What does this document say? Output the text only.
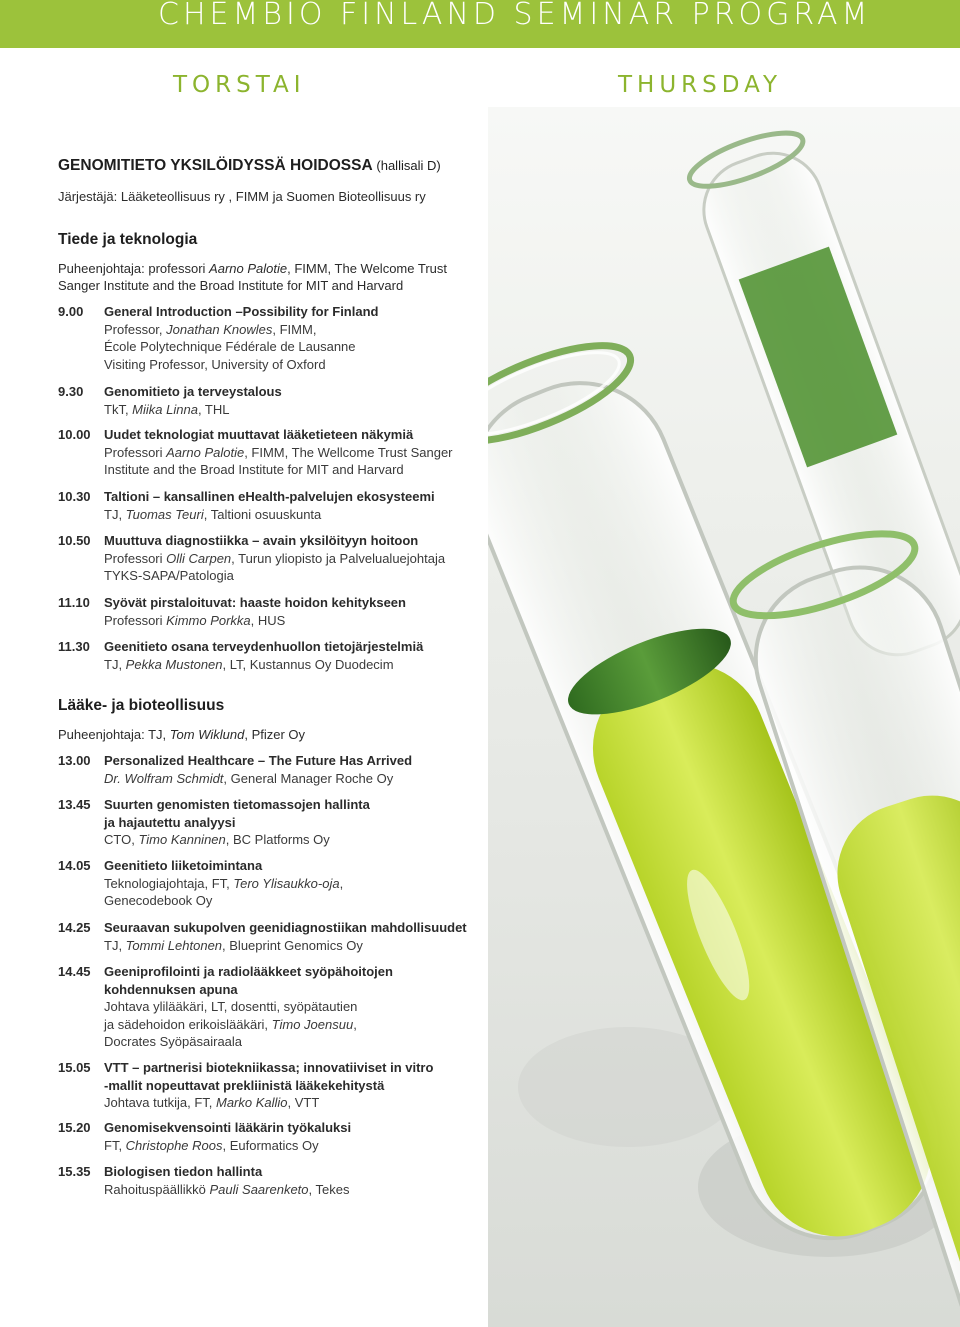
CHEMBIO FINLAND SEMINAR PROGRAM
TORSTAI	THURSDAY
GENOMITIETO YKSILÖIDYSSÄ HOIDOSSA (hallisali D)
Järjestäjä: Lääketeollisuus ry , FIMM ja Suomen Bioteollisuus ry
Tiede ja teknologia
Puheenjohtaja: professori Aarno Palotie, FIMM, The Welcome Trust
Sanger Institute and the Broad Institute for MIT and Harvard
9.00 General Introduction –Possibility for Finland
Professor, Jonathan Knowles, FIMM,
École Polytechnique Fédérale de Lausanne
Visiting Professor, University of Oxford
9.30 Genomitieto ja terveystalous
TkT, Miika Linna, THL
10.00 Uudet teknologiat muuttavat lääketieteen näkymiä
Professori Aarno Palotie, FIMM, The Wellcome Trust Sanger
Institute and the Broad Institute for MIT and Harvard
10.30 Taltioni – kansallinen eHealth-palvelujen ekosysteemi
TJ, Tuomas Teuri, Taltioni osuuskunta
10.50 Muuttuva diagnostiikka – avain yksilöityyn hoitoon
Professori Olli Carpen, Turun yliopisto ja Palvelualuejohtaja
TYKS-SAPA/Patologia
11.10 Syövät pirstaloituvat: haaste hoidon kehitykseen
Professori Kimmo Porkka, HUS
11.30 Geenitieto osana terveydenhuollon tietojärjestelmiä
TJ, Pekka Mustonen, LT, Kustannus Oy Duodecim
Lääke- ja bioteollisuus
Puheenjohtaja: TJ, Tom Wiklund, Pfizer Oy
13.00 Personalized Healthcare – The Future Has Arrived
Dr. Wolfram Schmidt, General Manager Roche Oy
13.45 Suurten genomisten tietomassojen hallinta
ja hajautettu analyysi
CTO, Timo Kanninen, BC Platforms Oy
14.05 Geenitieto liiketoimintana
Teknologiajohtaja, FT, Tero Ylisaukko-oja,
Genecodebook Oy
14.25 Seuraavan sukupolven geenidiagnostiikan mahdollisuudet
TJ, Tommi Lehtonen, Blueprint Genomics Oy
14.45 Geeniprofilointi ja radiolääkkeet syöpähoitojen
kohdennuksen apuna
Johtava ylilääkäri, LT, dosentti, syöpätautien
ja sädehoidon erikoislääkäri, Timo Joensuu,
Docrates Syöpäsairaala
15.05 VTT – partnerisi biotekniikassa; innovatiiviset in vitro
-mallit nopeuttavat prekliinistä lääkekehitystä
Johtava tutkija, FT, Marko Kallio, VTT
15.20 Genomisekvensointi lääkärin työkaluksi
FT, Christophe Roos, Euformatics Oy
15.35 Biologisen tiedon hallinta
Rahoituspäällikkö Pauli Saarenketo, Tekes
